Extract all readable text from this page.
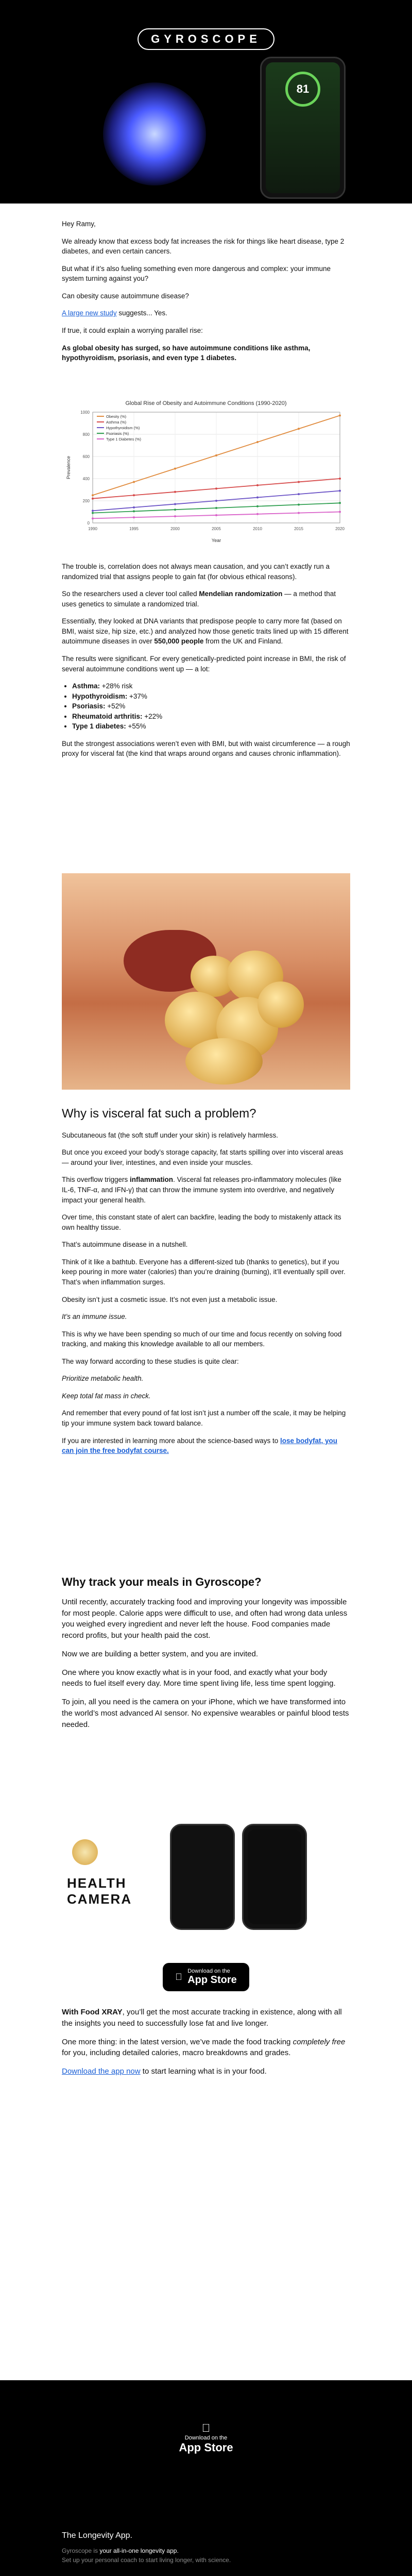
GYROSCOPE
81

Hey Ramy,

We already know that excess body fat increases the risk for things like heart disease, type 2 diabetes, and even certain cancers.

But what if it’s also fueling something even more dangerous and complex: your immune system turning against you?

Can obesity cause autoimmune disease?

A large new study suggests... Yes.

If true, it could explain a worrying parallel rise:

As global obesity has surged, so have autoimmune conditions like asthma, hypothyroidism, psoriasis, and even type 1 diabetes.

Global Rise of Obesity and Autoimmune Conditions (1990-2020)
0
200
400
600
800
1000
1990	1995	2000	2005	2010	2015	2020
Year
Prevalence
Obesity (%)
Asthma (%)
Hypothyroidism (%)
Psoriasis (%)
Type 1 Diabetes (%)

The trouble is, correlation does not always mean causation, and you can’t exactly run a randomized trial that assigns people to gain fat (for obvious ethical reasons).

So the researchers used a clever tool called Mendelian randomization — a method that uses genetics to simulate a randomized trial.

Essentially, they looked at DNA variants that predispose people to carry more fat (based on BMI, waist size, hip size, etc.) and analyzed how those genetic traits lined up with 15 different autoimmune diseases in over 550,000 people from the UK and Finland.

The results were significant. For every genetically-predicted point increase in BMI, the risk of several autoimmune conditions went up — a lot:

• Asthma: +28% risk
• Hypothyroidism: +37%
• Psoriasis: +52%
• Rheumatoid arthritis: +22%
• Type 1 diabetes: +55%

But the strongest associations weren’t even with BMI, but with waist circumference — a rough proxy for visceral fat (the kind that wraps around organs and causes chronic inflammation).

Why is visceral fat such a problem?

Subcutaneous fat (the soft stuff under your skin) is relatively harmless.

But once you exceed your body’s storage capacity, fat starts spilling over into visceral areas — around your liver, intestines, and even inside your muscles.

This overflow triggers inflammation. Visceral fat releases pro-inflammatory molecules (like IL-6, TNF-α, and IFN-γ) that can throw the immune system into overdrive, and negatively impact your general health.

Over time, this constant state of alert can backfire, leading the body to mistakenly attack its own healthy tissue.

That’s autoimmune disease in a nutshell.

Think of it like a bathtub. Everyone has a different-sized tub (thanks to genetics), but if you keep pouring in more water (calories) than you’re draining (burning), it’ll eventually spill over. That’s when inflammation surges.

Obesity isn’t just a cosmetic issue. It’s not even just a metabolic issue.

It’s an immune issue.

This is why we have been spending so much of our time and focus recently on solving food tracking, and making this knowledge available to all our members.

The way forward according to these studies is quite clear:

Prioritize metabolic health.

Keep total fat mass in check.

And remember that every pound of fat lost isn’t just a number off the scale, it may be helping tip your immune system back toward balance.

If you are interested in learning more about the science-based ways to lose bodyfat, you can join the free bodyfat course.

Why track your meals in Gyroscope?

Until recently, accurately tracking food and improving your longevity was impossible for most people. Calorie apps were difficult to use, and often had wrong data unless you weighed every ingredient and never left the house. Food companies made record profits, but your health paid the cost.

Now we are building a better system, and you are invited.

One where you know exactly what is in your food, and exactly what your body needs to fuel itself every day. More time spent living life, less time spent logging.

To join, all you need is the camera on your iPhone, which we have transformed into the world’s most advanced AI sensor. No expensive wearables or painful blood tests needed.

HEALTH
CAMERA
Download on the
App Store

With Food XRAY, you’ll get the most accurate tracking in existence, along with all the insights you need to successfully lose fat and live longer.

One more thing: in the latest version, we’ve made the food tracking completely free for you, including detailed calories, macro breakdowns and grades.

Download the app now to start learning what is in your food.

Download on the
App Store

The Longevity App.

Gyroscope is your all-in-one longevity app.
Set up your personal coach to start living longer, with science.
